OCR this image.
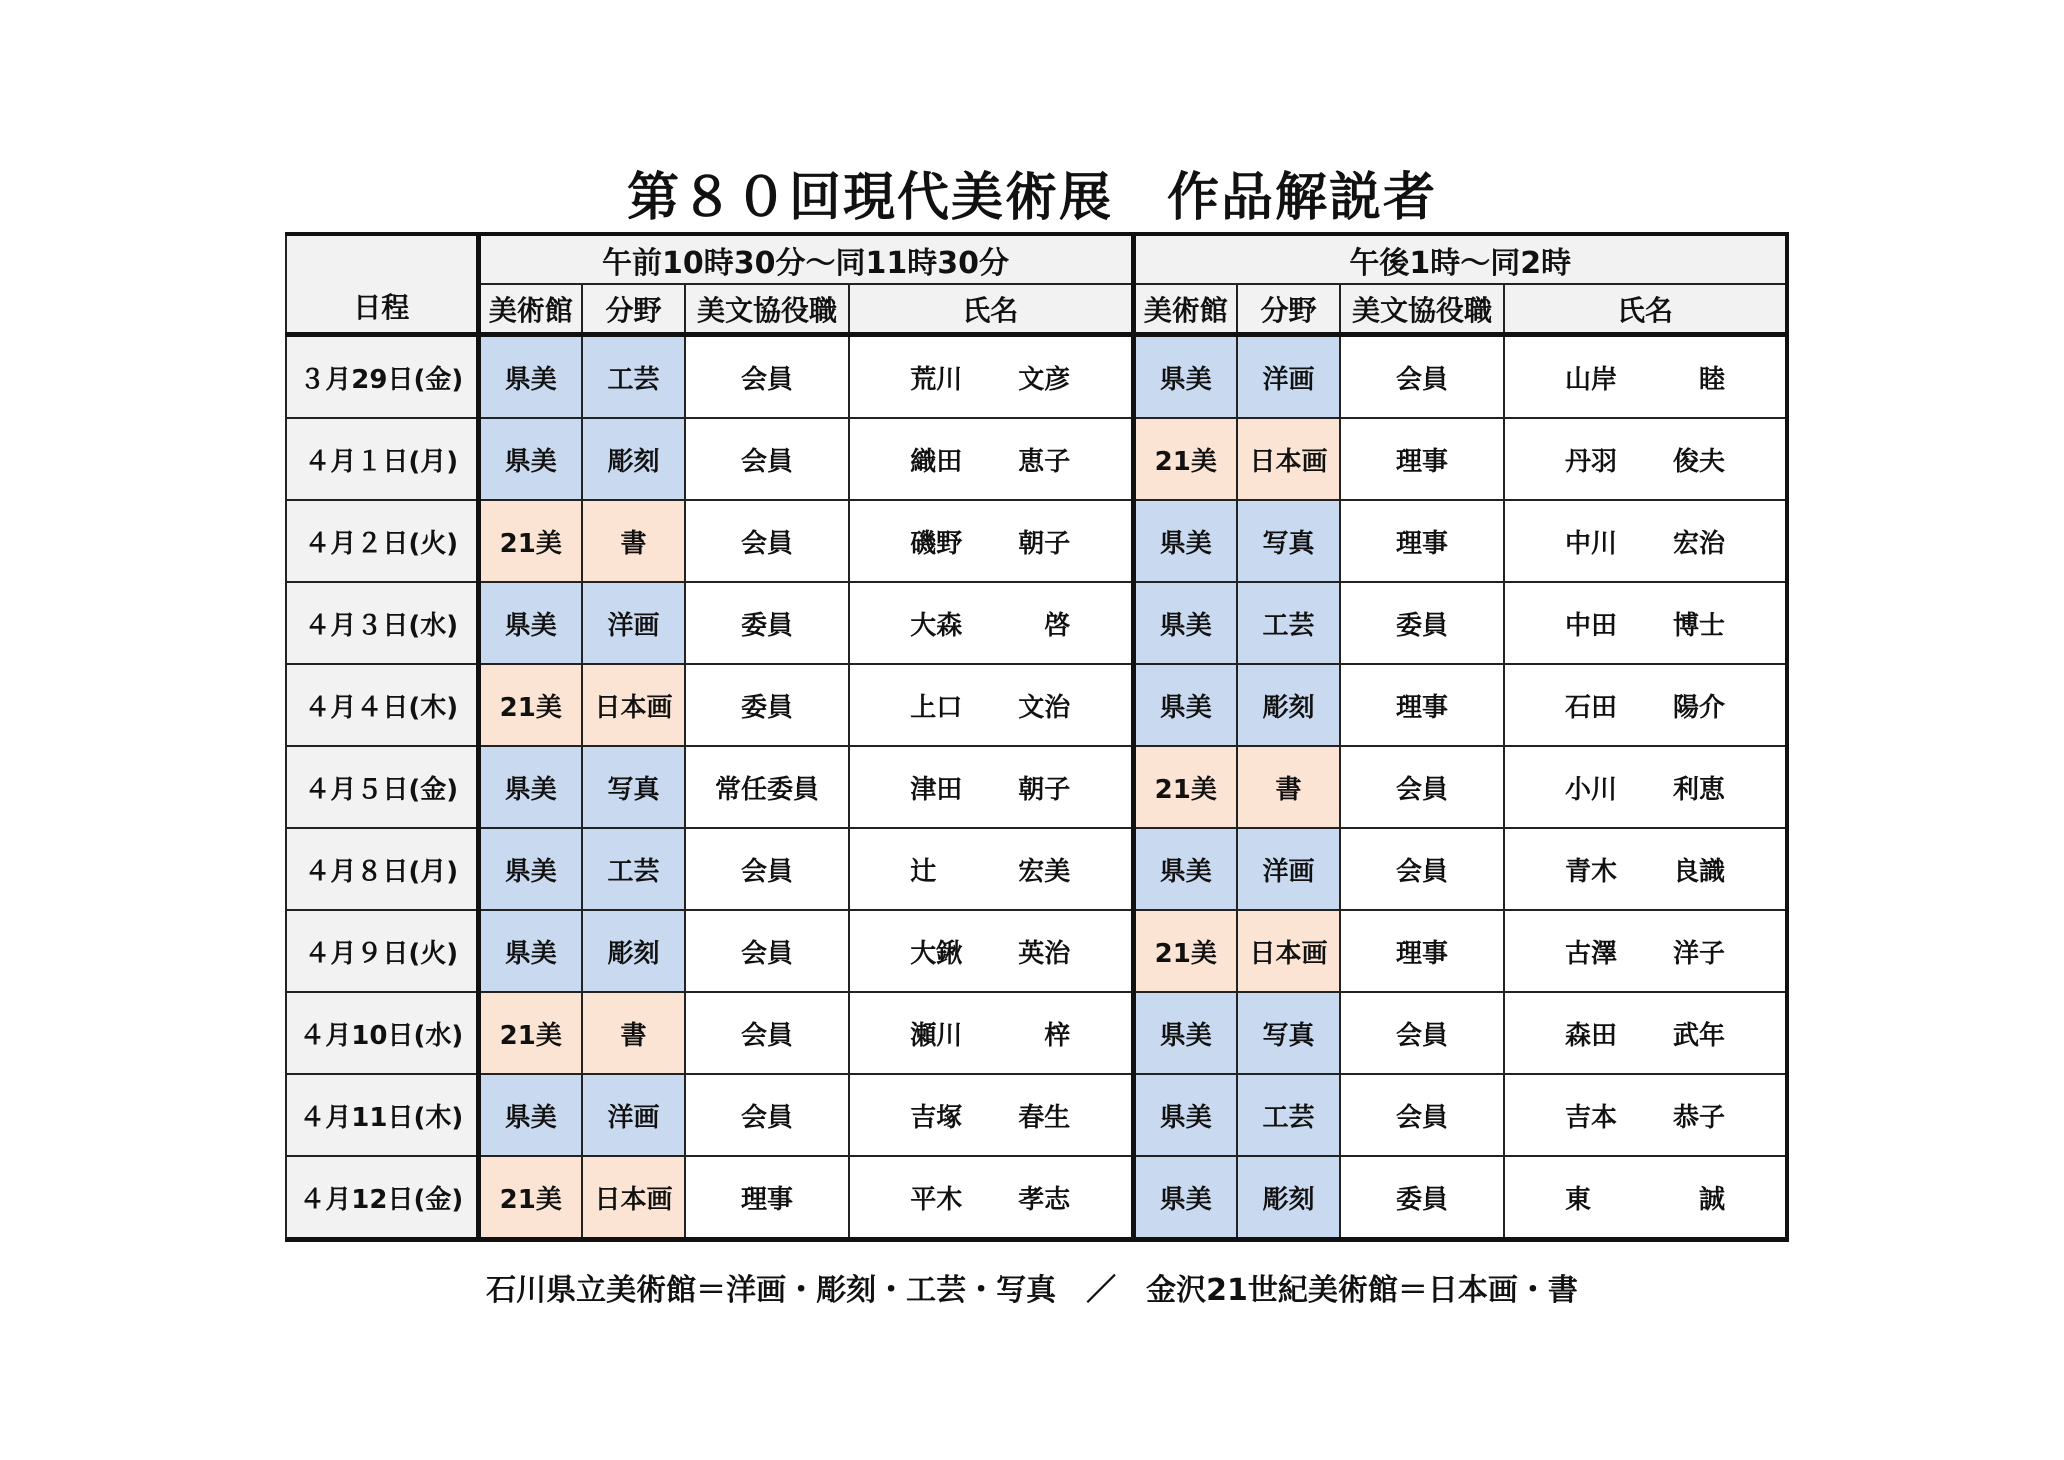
第８０回現代美術展　作品解説者
日程	午前10時30分～同11時30分				午後1時～同2時			
	美術館	分野	美文協役職	氏名	美術館	分野	美文協役職	氏名
３月29日(金)	県美	工芸	会員	荒川 文彦	県美	洋画	会員	山岸 睦

４月１日(月)	県美	彫刻	会員	織田 恵子	21美	日本画	理事	丹羽 俊夫

４月２日(火)	21美	書	会員	磯野 朝子	県美	写真	理事	中川 宏治

４月３日(水)	県美	洋画	委員	大森 啓	県美	工芸	委員	中田 博士

４月４日(木)	21美	日本画	委員	上口 文治	県美	彫刻	理事	石田 陽介

４月５日(金)	県美	写真	常任委員	津田 朝子	21美	書	会員	小川 利恵

４月８日(月)	県美	工芸	会員	辻 宏美	県美	洋画	会員	青木 良識

４月９日(火)	県美	彫刻	会員	大鍬 英治	21美	日本画	理事	古澤 洋子

４月10日(水)	21美	書	会員	瀬川 梓	県美	写真	会員	森田 武年

４月11日(木)	県美	洋画	会員	吉塚 春生	県美	工芸	会員	吉本 恭子

４月12日(金)	21美	日本画	理事	平木 孝志	県美	彫刻	委員	東 誠
石川県立美術館＝洋画・彫刻・工芸・写真　／　金沢21世紀美術館＝日本画・書
